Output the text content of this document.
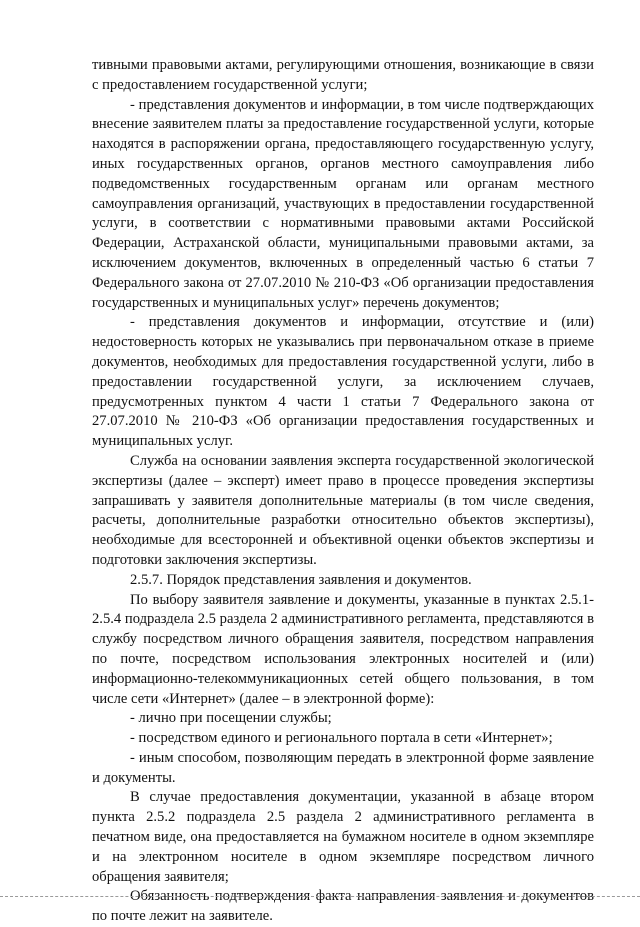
тивными правовыми актами, регулирующими отношения, возникающие в связи с предоставлением государственной услуги;

- представления документов и информации, в том числе подтверждающих внесение заявителем платы за предоставление государственной услуги, которые находятся в распоряжении органа, предоставляющего государственную услугу, иных государственных органов, органов местного самоуправления либо подведомственных государственным органам или органам местного самоуправления организаций, участвующих в предоставлении государственной услуги, в соответствии с нормативными правовыми актами Российской Федерации, Астраханской области, муниципальными правовыми актами, за исключением документов, включенных в определенный частью 6 статьи 7 Федерального закона от 27.07.2010 № 210-ФЗ «Об организации предоставления государственных и муниципальных услуг» перечень документов;

- представления документов и информации, отсутствие и (или) недостоверность которых не указывались при первоначальном отказе в приеме документов, необходимых для предоставления государственной услуги, либо в предоставлении государственной услуги, за исключением случаев, предусмотренных пунктом 4 части 1 статьи 7 Федерального закона от 27.07.2010 № 210-ФЗ «Об организации предоставления государственных и муниципальных услуг.

Служба на основании заявления эксперта государственной экологической экспертизы (далее – эксперт) имеет право в процессе проведения экспертизы запрашивать у заявителя дополнительные материалы (в том числе сведения, расчеты, дополнительные разработки относительно объектов экспертизы), необходимые для всесторонней и объективной оценки объектов экспертизы и подготовки заключения экспертизы.

2.5.7. Порядок представления заявления и документов.

По выбору заявителя заявление и документы, указанные в пунктах 2.5.1-2.5.4 подраздела 2.5 раздела 2 административного регламента, представляются в службу посредством личного обращения заявителя, посредством направления по почте, посредством использования электронных носителей и (или) информационно-телекоммуникационных сетей общего пользования, в том числе сети «Интернет» (далее – в электронной форме):

- лично при посещении службы;

- посредством единого и регионального портала в сети «Интернет»;

- иным способом, позволяющим передать в электронной форме заявление и документы.

В случае предоставления документации, указанной в абзаце втором пункта 2.5.2 подраздела 2.5 раздела 2 административного регламента в печатном виде, она предоставляется на бумажном носителе в одном экземпляре и на электронном носителе в одном экземпляре посредством личного обращения заявителя;

Обязанность подтверждения факта направления заявления и документов по почте лежит на заявителе.
